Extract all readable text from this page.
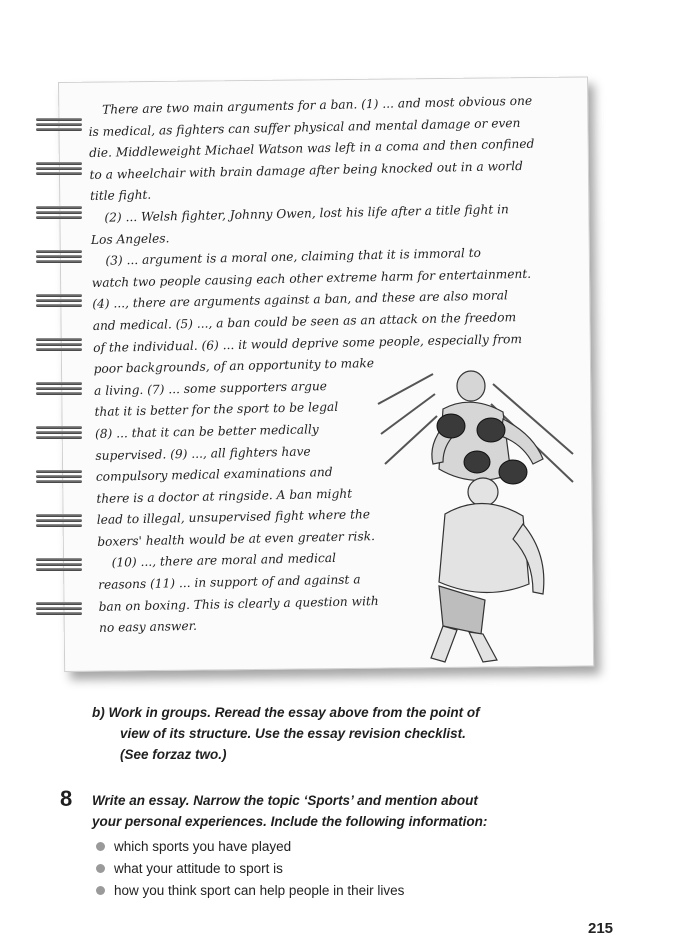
There are two main arguments for a ban. (1) ... and most obvious one
is medical, as fighters can suffer physical and mental damage or even
die. Middleweight Michael Watson was left in a coma and then confined
to a wheelchair with brain damage after being knocked out in a world
title fight.
(2) ... Welsh fighter, Johnny Owen, lost his life after a title fight in
Los Angeles.
(3) ... argument is a moral one, claiming that it is immoral to
watch two people causing each other extreme harm for entertainment.
(4) ..., there are arguments against a ban, and these are also moral
and medical. (5) ..., a ban could be seen as an attack on the freedom
of the individual. (6) ... it would deprive some people, especially from
poor backgrounds, of an opportunity to make
a living. (7) ... some supporters argue
that it is better for the sport to be legal
(8) ... that it can be better medically
supervised. (9) ..., all fighters have
compulsory medical examinations and
there is a doctor at ringside. A ban might
lead to illegal, unsupervised fight where the
boxers' health would be at even greater risk.
(10) ..., there are moral and medical
reasons (11) ... in support of and against a
ban on boxing. This is clearly a question with
no easy answer.
b) Work in groups. Reread the essay above from the point of
view of its structure. Use the essay revision checklist.
(See forzaz two.)
8 Write an essay. Narrow the topic ‘Sports’ and mention about
your personal experiences. Include the following information:
which sports you have played
what your attitude to sport is
how you think sport can help people in their lives
215
